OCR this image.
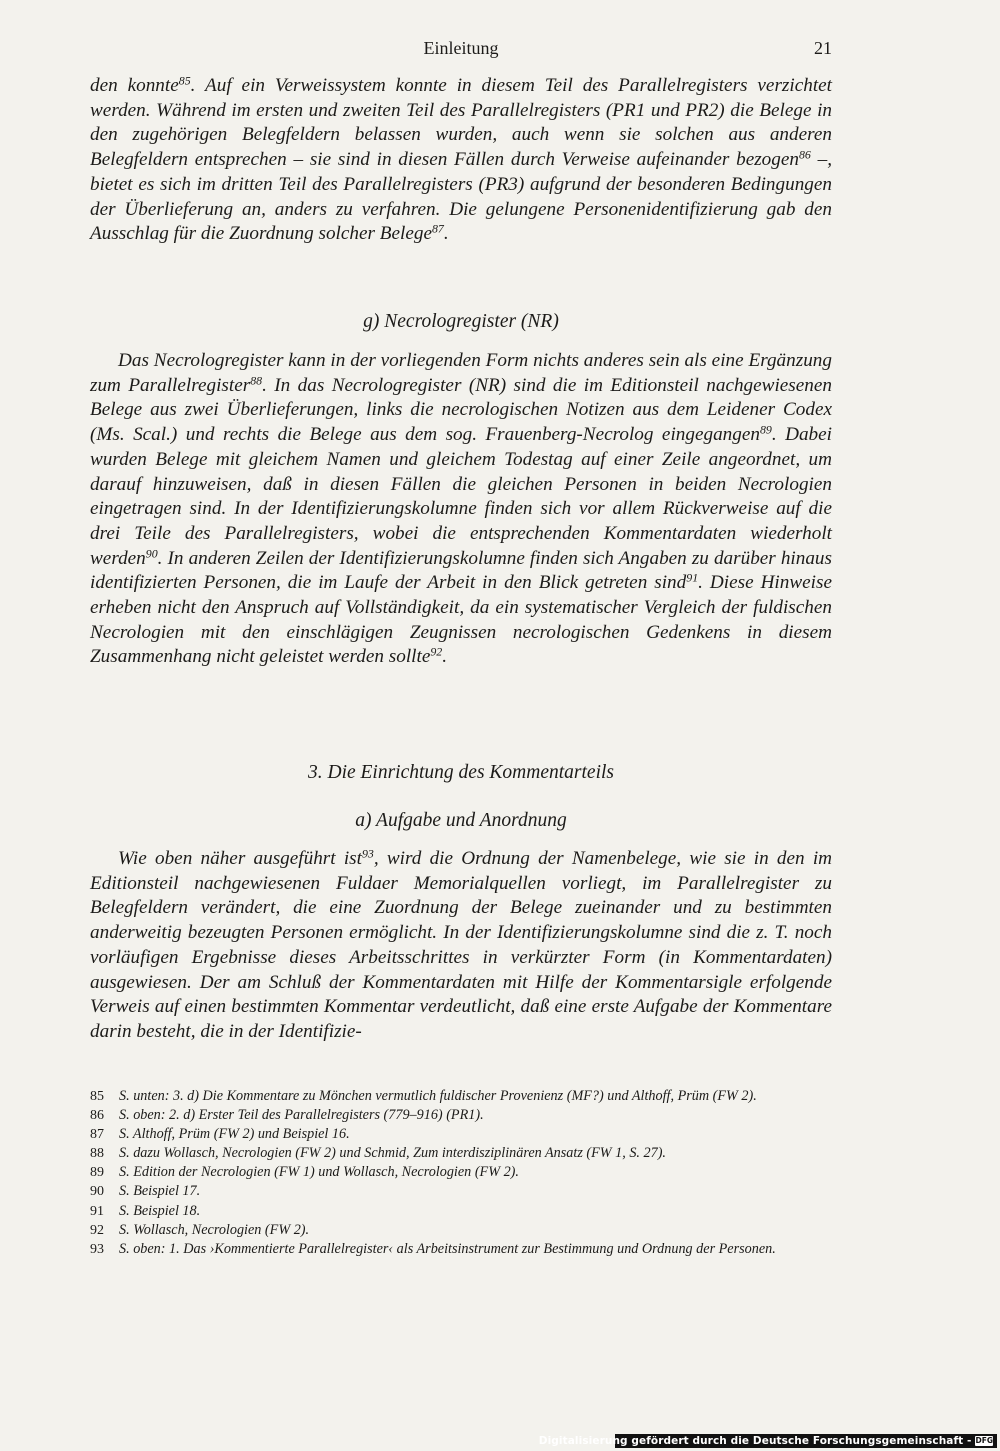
Einleitung	21

den konnte$^{85}$. Auf ein Verweissystem konnte in diesem Teil des Parallelregisters verzichtet werden. Während im ersten und zweiten Teil des Parallelregisters (PR1 und PR2) die Belege in den zugehörigen Belegfeldern belassen wurden, auch wenn sie solchen aus anderen Belegfeldern entsprechen – sie sind in diesen Fällen durch Verweise aufeinander bezogen$^{86}$ –, bietet es sich im dritten Teil des Parallelregisters (PR3) aufgrund der besonderen Bedingungen der Überlieferung an, anders zu verfahren. Die gelungene Personenidentifizierung gab den Ausschlag für die Zuordnung solcher Belege$^{87}$.

g) Necrologregister (NR)

Das Necrologregister kann in der vorliegenden Form nichts anderes sein als eine Ergänzung zum Parallelregister$^{88}$. In das Necrologregister (NR) sind die im Editionsteil nachgewiesenen Belege aus zwei Überlieferungen, links die necrologischen Notizen aus dem Leidener Codex (Ms. Scal.) und rechts die Belege aus dem sog. Frauenberg-Necrolog eingegangen$^{89}$. Dabei wurden Belege mit gleichem Namen und gleichem Todestag auf einer Zeile angeordnet, um darauf hinzuweisen, daß in diesen Fällen die gleichen Personen in beiden Necrologien eingetragen sind. In der Identifizierungskolumne finden sich vor allem Rückverweise auf die drei Teile des Parallelregisters, wobei die entsprechenden Kommentardaten wiederholt werden$^{90}$. In anderen Zeilen der Identifizierungskolumne finden sich Angaben zu darüber hinaus identifizierten Personen, die im Laufe der Arbeit in den Blick getreten sind$^{91}$. Diese Hinweise erheben nicht den Anspruch auf Vollständigkeit, da ein systematischer Vergleich der fuldischen Necrologien mit den einschlägigen Zeugnissen necrologischen Gedenkens in diesem Zusammenhang nicht geleistet werden sollte$^{92}$.

3. Die Einrichtung des Kommentarteils
a) Aufgabe und Anordnung

Wie oben näher ausgeführt ist$^{93}$, wird die Ordnung der Namenbelege, wie sie in den im Editionsteil nachgewiesenen Fuldaer Memorialquellen vorliegt, im Parallelregister zu Belegfeldern verändert, die eine Zuordnung der Belege zueinander und zu bestimmten anderweitig bezeugten Personen ermöglicht. In der Identifizierungskolumne sind die z. T. noch vorläufigen Ergebnisse dieses Arbeitsschrittes in verkürzter Form (in Kommentardaten) ausgewiesen. Der am Schluß der Kommentardaten mit Hilfe der Kommentarsigle erfolgende Verweis auf einen bestimmten Kommentar verdeutlicht, daß eine erste Aufgabe der Kommentare darin besteht, die in der Identifizie-

85 S. unten: 3. d) Die Kommentare zu Mönchen vermutlich fuldischer Provenienz (MF?) und Althoff, Prüm (FW 2).
86 S. oben: 2. d) Erster Teil des Parallelregisters (779–916) (PR1).
87 S. Althoff, Prüm (FW 2) und Beispiel 16.
88 S. dazu Wollasch, Necrologien (FW 2) und Schmid, Zum interdisziplinären Ansatz (FW 1, S. 27).
89 S. Edition der Necrologien (FW 1) und Wollasch, Necrologien (FW 2).
90 S. Beispiel 17.
91 S. Beispiel 18.
92 S. Wollasch, Necrologien (FW 2).
93 S. oben: 1. Das ›Kommentierte Parallelregister‹ als Arbeitsinstrument zur Bestimmung und Ordnung der Personen.
Digitalisierung gefördert durch die Deutsche Forschungsgemeinschaft - DFG
